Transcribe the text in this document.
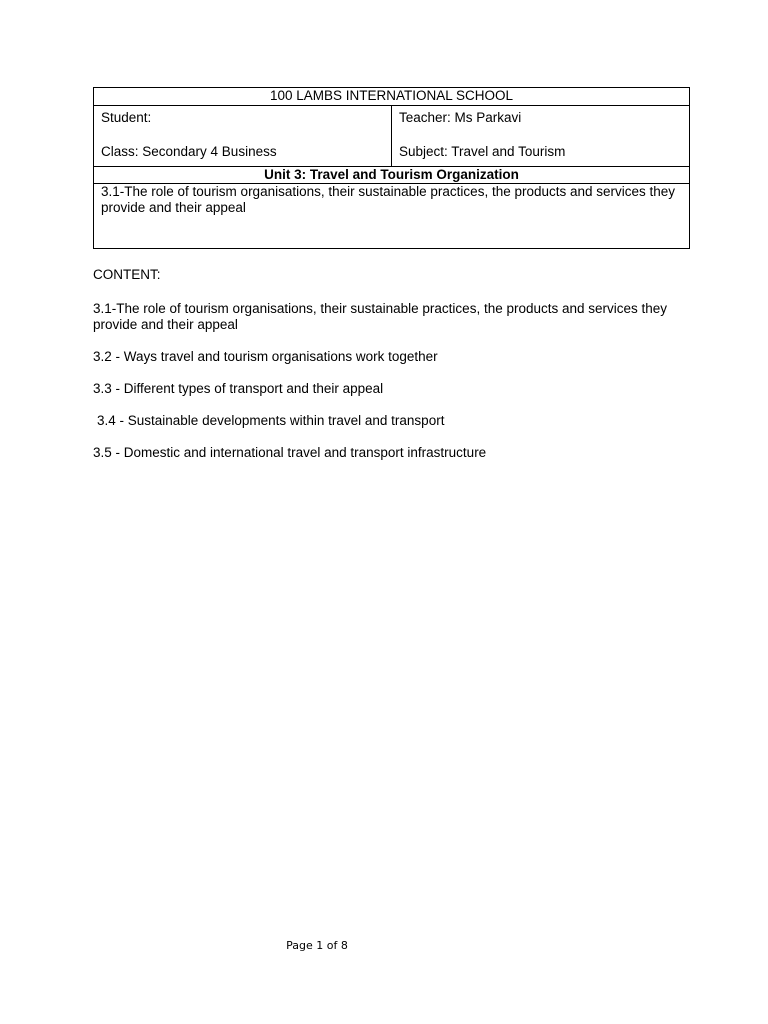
100 LAMBS INTERNATIONAL SCHOOL

Student:
Class: Secondary 4 Business

Teacher: Ms Parkavi
Subject: Travel and Tourism

Unit 3: Travel and Tourism Organization

3.1-The role of tourism organisations, their sustainable practices, the products and services they provide and their appeal

CONTENT:

3.1-The role of tourism organisations, their sustainable practices, the products and services they provide and their appeal

3.2 - Ways travel and tourism organisations work together

3.3 - Different types of transport and their appeal

3.4 - Sustainable developments within travel and transport

3.5 - Domestic and international travel and transport infrastructure

Page 1 of 8
